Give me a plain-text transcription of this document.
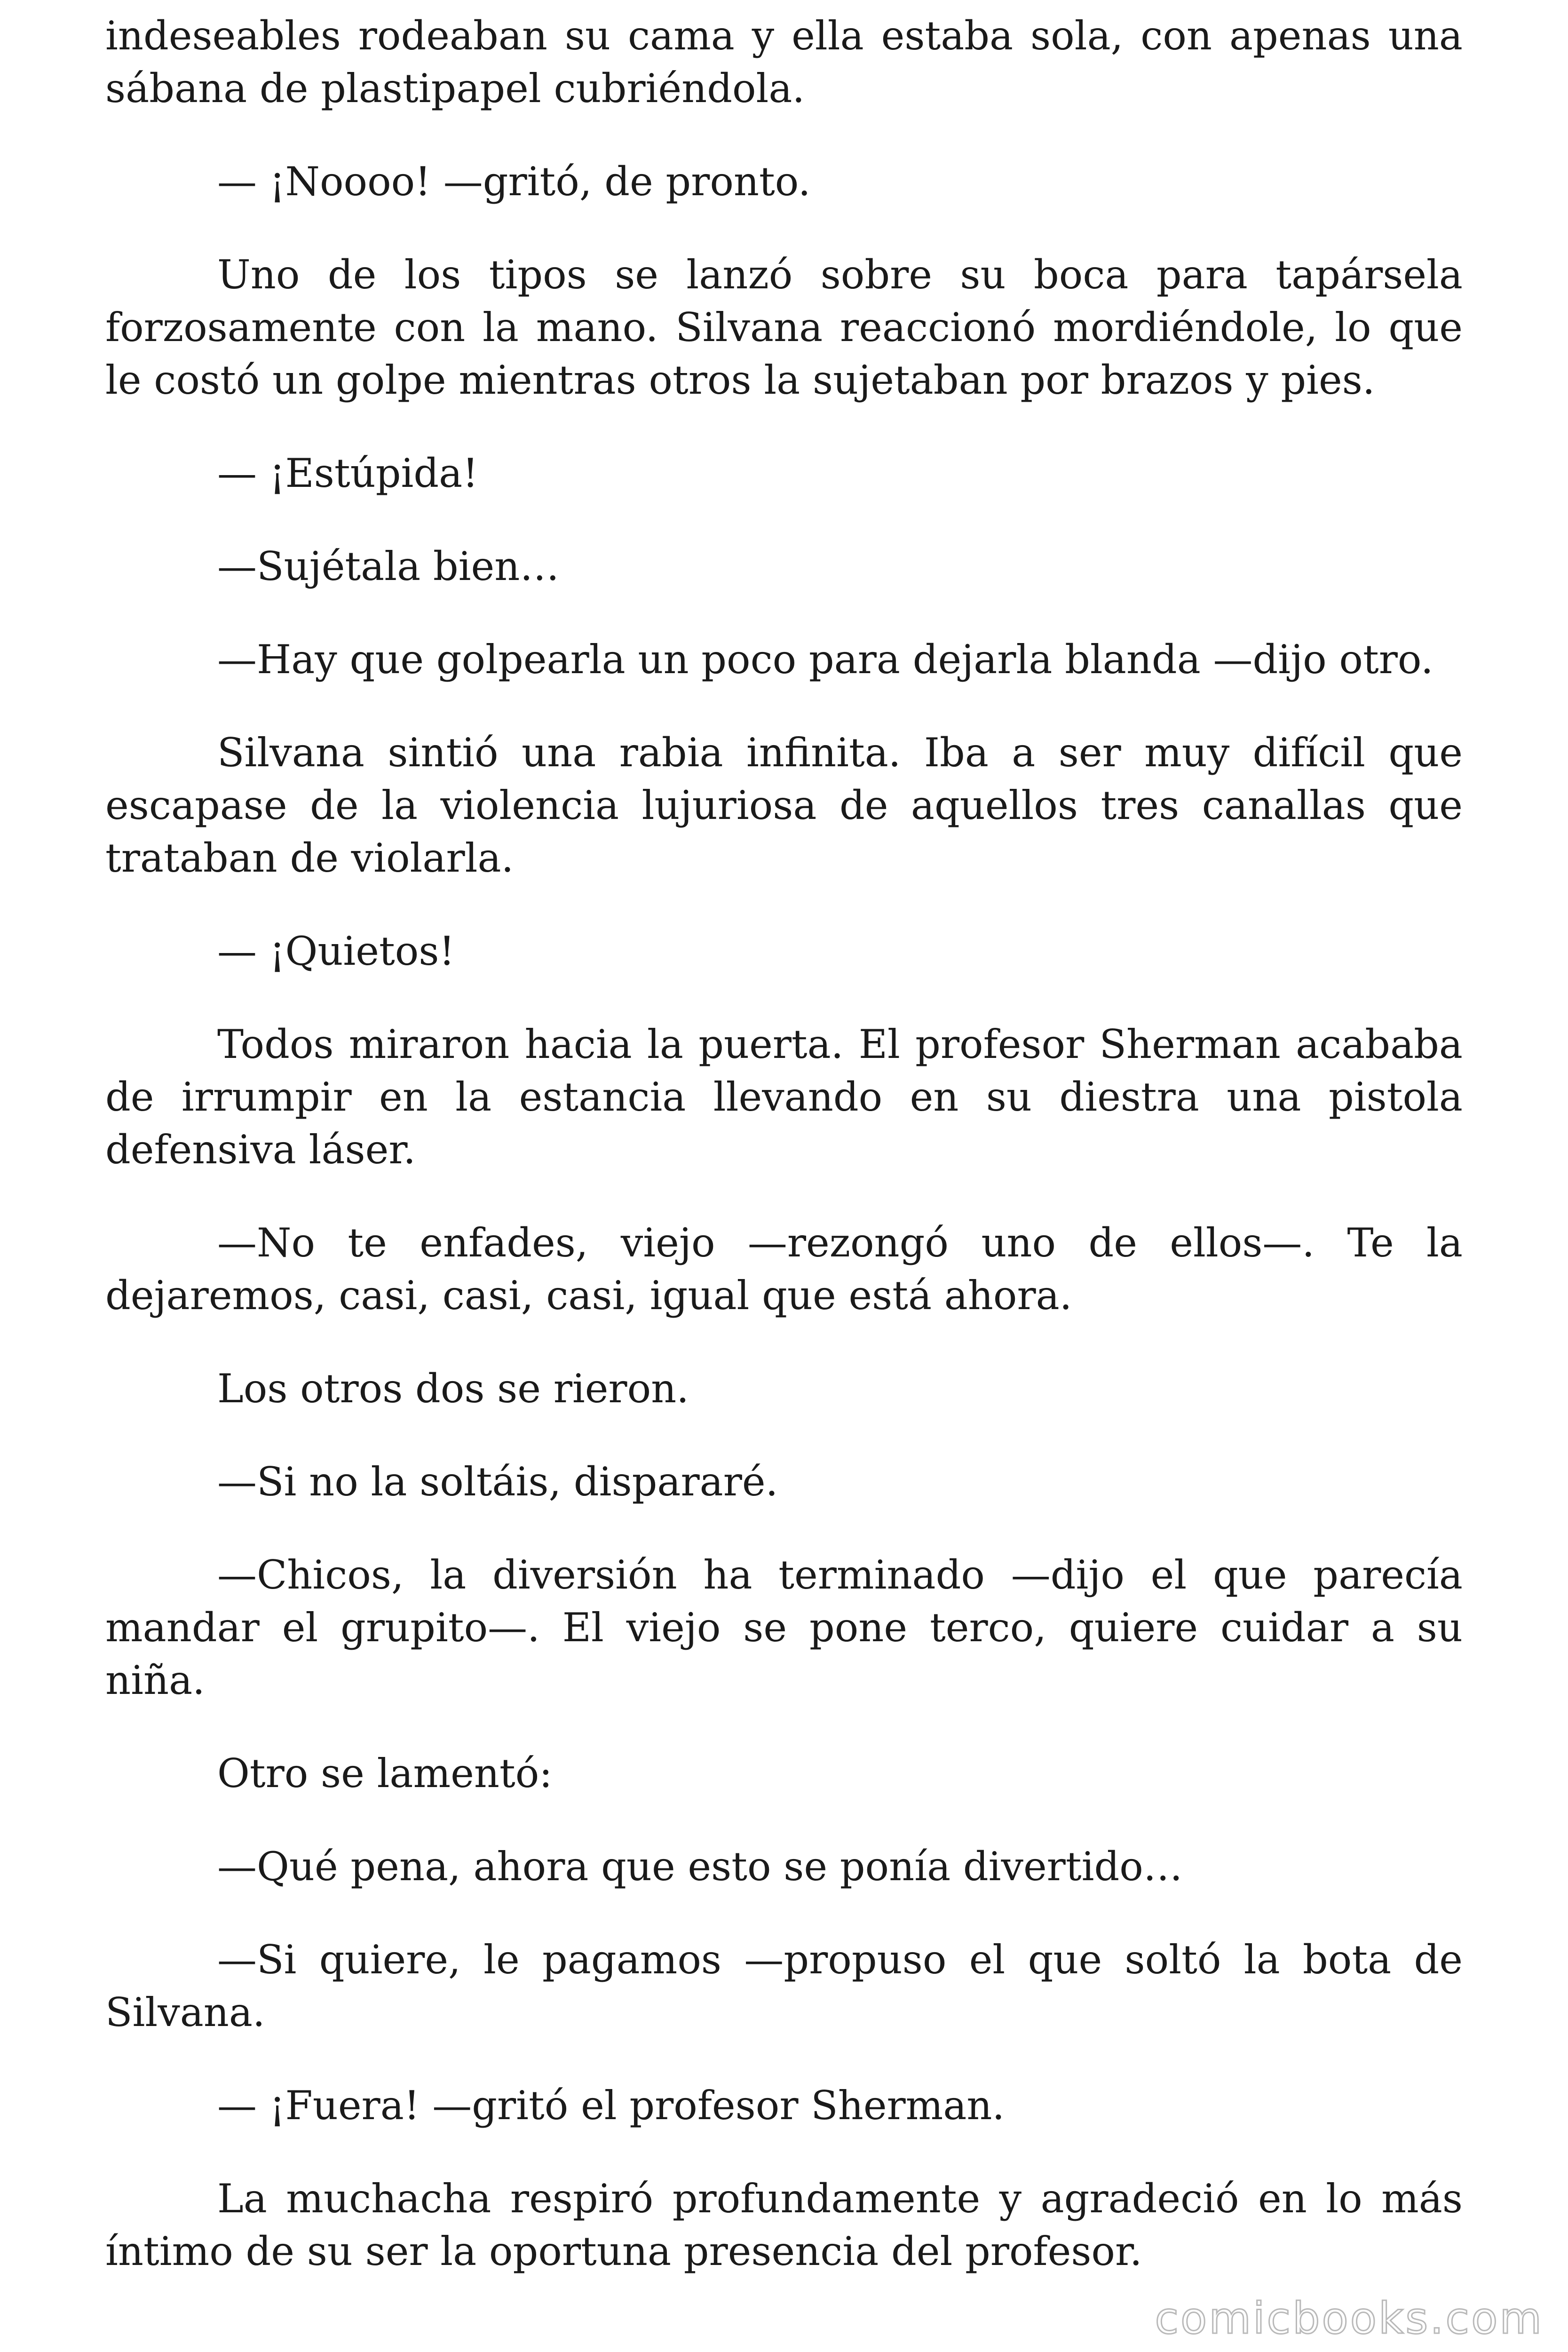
indeseables rodeaban su cama y ella estaba sola, con apenas una sábana de plastipapel cubriéndola.

— ¡Noooo! —gritó, de pronto.

Uno de los tipos se lanzó sobre su boca para tapársela forzosamente con la mano. Silvana reaccionó mordiéndole, lo que le costó un golpe mientras otros la sujetaban por brazos y pies.

— ¡Estúpida!

—Sujétala bien…

—Hay que golpearla un poco para dejarla blanda —dijo otro.

Silvana sintió una rabia infinita. Iba a ser muy difícil que escapase de la violencia lujuriosa de aquellos tres canallas que trataban de violarla.

— ¡Quietos!

Todos miraron hacia la puerta. El profesor Sherman acababa de irrumpir en la estancia llevando en su diestra una pistola defensiva láser.

—No te enfades, viejo —rezongó uno de ellos—. Te la dejaremos, casi, casi, casi, igual que está ahora.

Los otros dos se rieron.

—Si no la soltáis, dispararé.

—Chicos, la diversión ha terminado —dijo el que parecía mandar el grupito—. El viejo se pone terco, quiere cuidar a su niña.

Otro se lamentó:

—Qué pena, ahora que esto se ponía divertido…

—Si quiere, le pagamos —propuso el que soltó la bota de Silvana.

— ¡Fuera! —gritó el profesor Sherman.

La muchacha respiró profundamente y agradeció en lo más íntimo de su ser la oportuna presencia del profesor.

comicbooks.com
